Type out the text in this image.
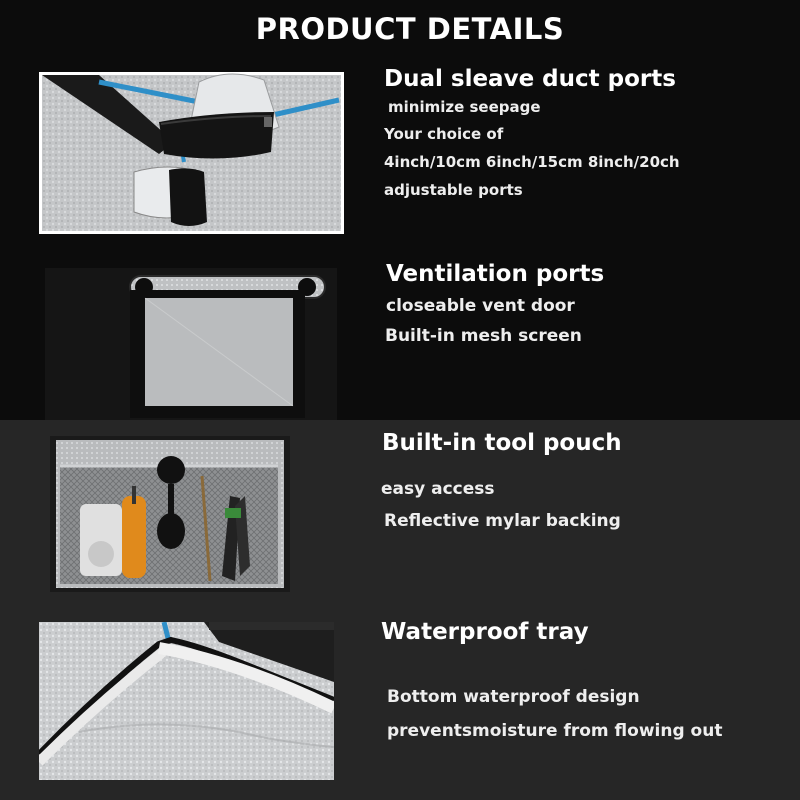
PRODUCT DETAILS
Dual sleave duct ports
minimize seepage
Your choice of
4inch/10cm 6inch/15cm 8inch/20ch
adjustable ports
Ventilation ports
closeable vent door
Built-in mesh screen
Built-in tool pouch
easy access
Reflective mylar backing
Waterproof tray
Bottom waterproof design
preventsmoisture from flowing out
